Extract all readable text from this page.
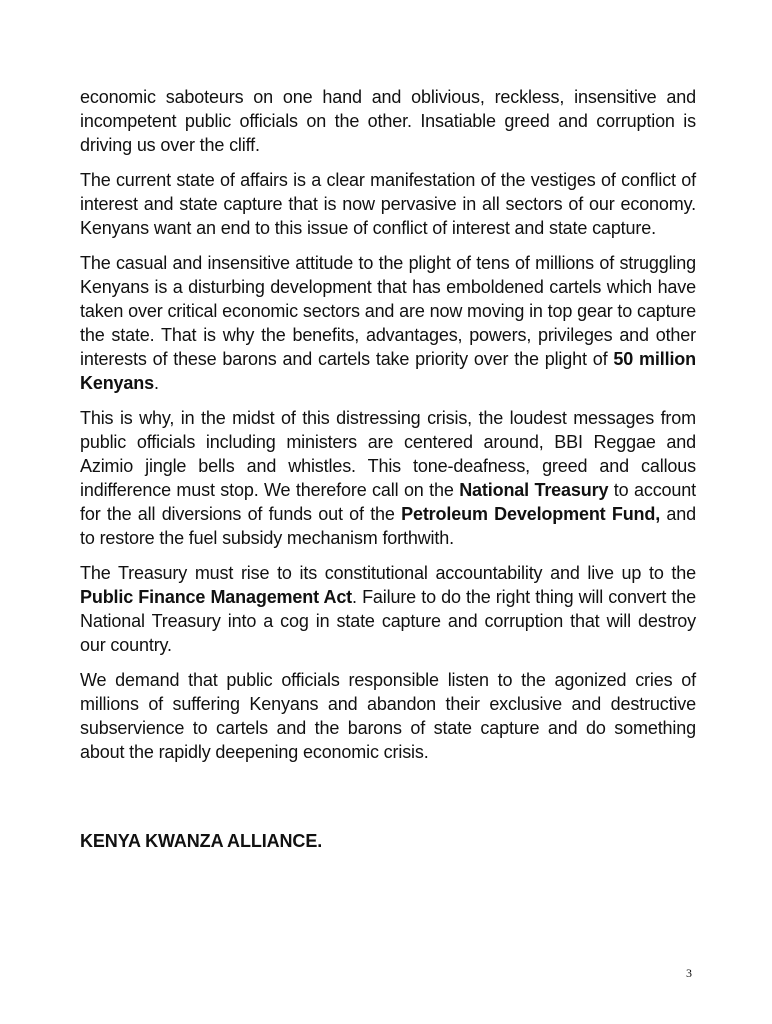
economic saboteurs on one hand and oblivious, reckless, insensitive and incompetent public officials on the other. Insatiable greed and corruption is driving us over the cliff.

The current state of affairs is a clear manifestation of the vestiges of conflict of interest and state capture that is now pervasive in all sectors of our economy. Kenyans want an end to this issue of conflict of interest and state capture.

The casual and insensitive attitude to the plight of tens of millions of struggling Kenyans is a disturbing development that has emboldened cartels which have taken over critical economic sectors and are now moving in top gear to capture the state. That is why the benefits, advantages, powers, privileges and other interests of these barons and cartels take priority over the plight of 50 million Kenyans.

This is why, in the midst of this distressing crisis, the loudest messages from public officials including ministers are centered around, BBI Reggae and Azimio jingle bells and whistles. This tone-deafness, greed and callous indifference must stop. We therefore call on the National Treasury to account for the all diversions of funds out of the Petroleum Development Fund, and to restore the fuel subsidy mechanism forthwith.

The Treasury must rise to its constitutional accountability and live up to the Public Finance Management Act. Failure to do the right thing will convert the National Treasury into a cog in state capture and corruption that will destroy our country.

We demand that public officials responsible listen to the agonized cries of millions of suffering Kenyans and abandon their exclusive and destructive subservience to cartels and the barons of state capture and do something about the rapidly deepening economic crisis.

KENYA KWANZA ALLIANCE.

3
